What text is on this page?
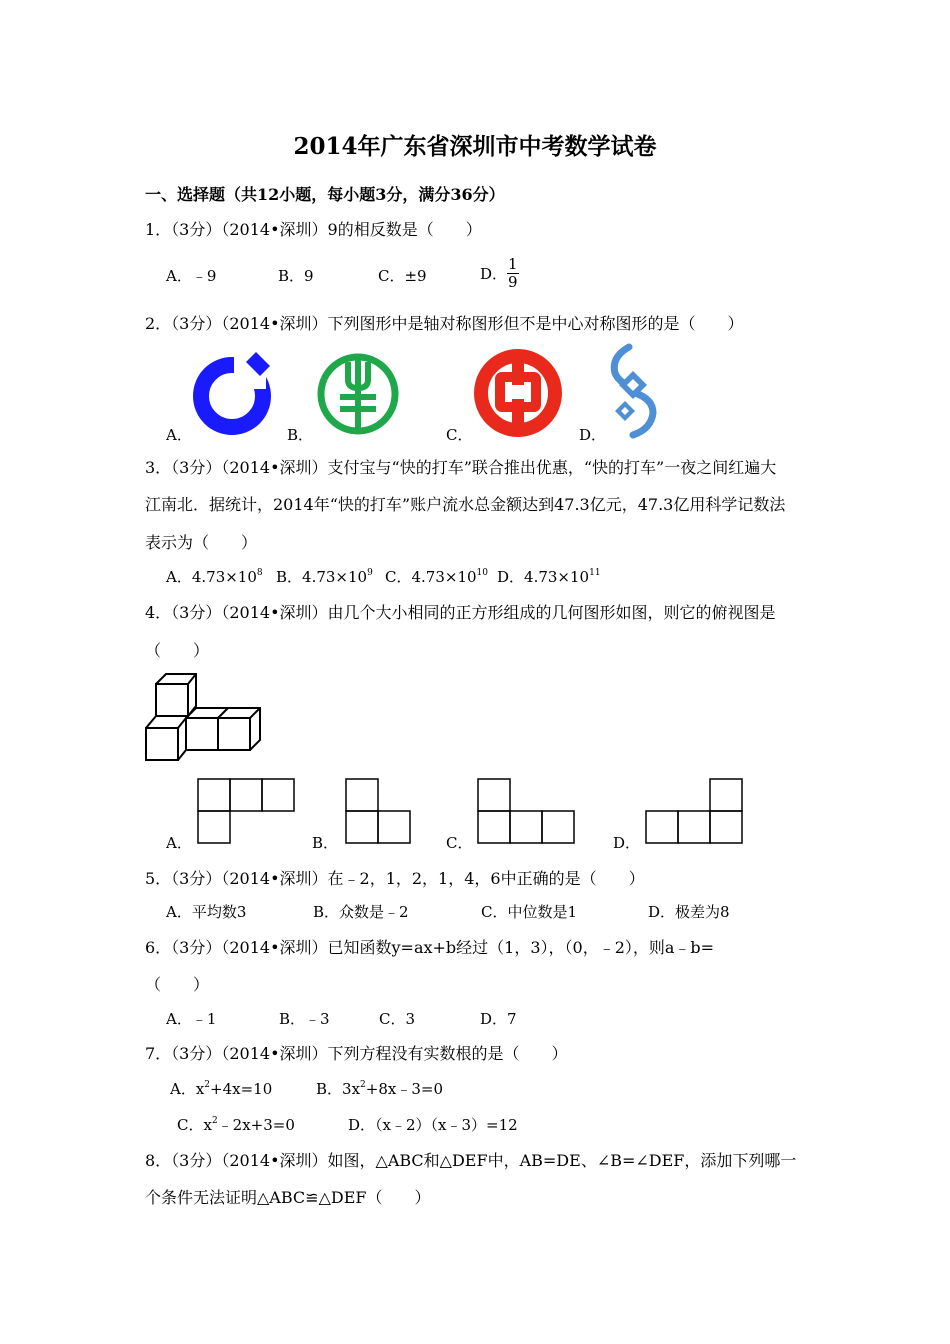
2014年广东省深圳市中考数学试卷
一、选择题（共12小题，每小题3分，满分36分）
1．（3分）（2014•深圳）9的相反数是（　　）
A．﹣9	B．9	C．±9	D． $\frac{1}{9}$
2．（3分）（2014•深圳）下列图形中是轴对称图形但不是中心对称图形的是（　　）
A．	B．	C．	D．
3．（3分）（2014•深圳）支付宝与“快的打车”联合推出优惠，“快的打车”一夜之间红遍大
江南北．据统计，2014年“快的打车”账户流水总金额达到47.3亿元，47.3亿用科学记数法
表示为（　　）
A．$4.73\times 10^8$ B．$4.73\times 10^9$ C．$4.73\times 10^{10}$ D．$4.73\times 10^{11}$
4．（3分）（2014•深圳）由几个大小相同的正方形组成的几何图形如图，则它的俯视图是
（　　）
A．	B．	C．	D．
5．（3分）（2014•深圳）在﹣2，1，2，1，4，6中正确的是（　　）
A．平均数3	B．众数是﹣2	C．中位数是1	D．极差为8
6．（3分）（2014•深圳）已知函数y=ax+b经过（1，3），（0，﹣2），则a﹣b=
（　　）
A．﹣1	B．﹣3	C．3	D．7
7．（3分）（2014•深圳）下列方程没有实数根的是（　　）
A．$x^2+4x=10$	B．$3x^2+8x﹣3=0$
C．$x^2﹣2x+3=0$	D．（x﹣2）（x﹣3）=12
8．（3分）（2014•深圳）如图，△ABC和△DEF中，AB=DE、∠B=∠DEF，添加下列哪一
个条件无法证明△ABC≌△DEF（　　）
